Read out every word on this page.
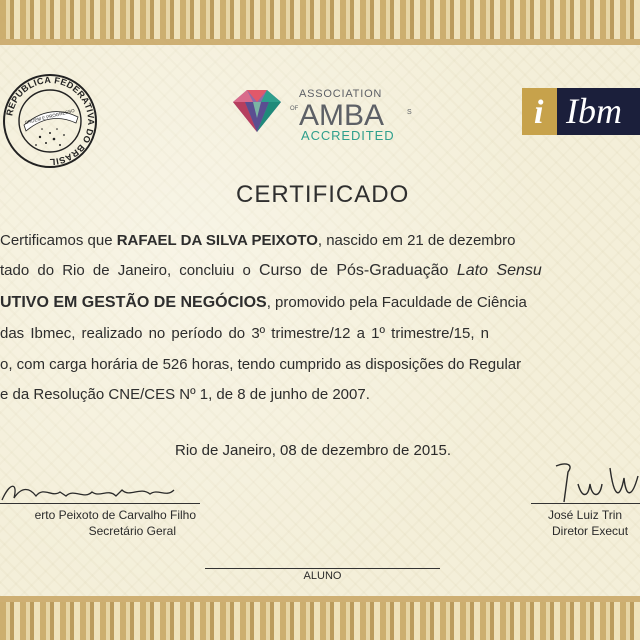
REPÚBLICA FEDERATIVA DO BRASIL
ORDEM E PROGRESSO
ASSOCIATION
OF AMBA	S
ACCREDITED
i Ibm
CERTIFICADO
Certificamos que RAFAEL DA SILVA PEIXOTO, nascido em 21 de dezembro
tado do Rio de Janeiro, concluiu o Curso de Pós-Graduação Lato Sensu
UTIVO EM GESTÃO DE NEGÓCIOS, promovido pela Faculdade de Ciência
das Ibmec, realizado no período do 3º trimestre/12 a 1º trimestre/15, n
o, com carga horária de 526 horas, tendo cumprido as disposições do Regular
e da Resolução CNE/CES Nº 1, de 8 de junho de 2007.
Rio de Janeiro, 08 de dezembro de 2015.
erto Peixoto de Carvalho Filho
Secretário Geral
José Luiz Trin
Diretor Execut
ALUNO
